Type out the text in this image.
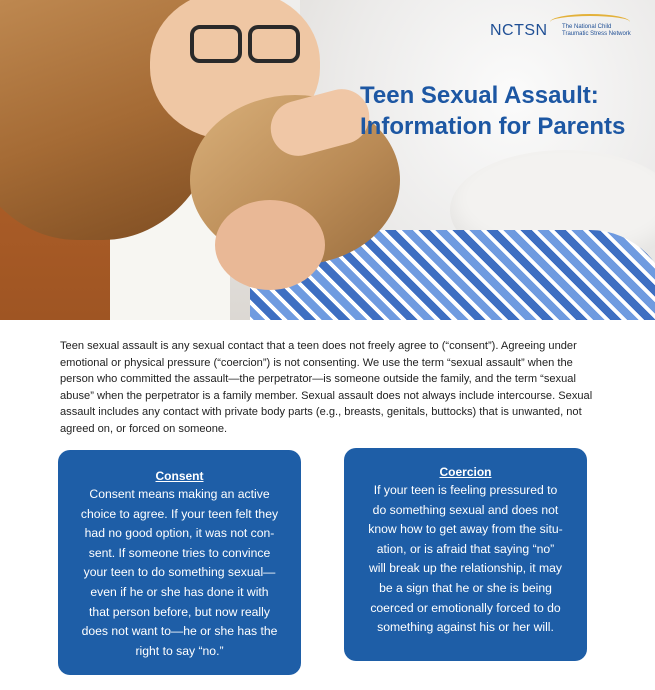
NCTSN The National Child
Traumatic Stress Network
Teen Sexual Assault:
Information for Parents

Teen sexual assault is any sexual contact that a teen does not freely agree to (“consent”). Agreeing under emotional or physical pressure (“coercion”) is not consenting. We use the term “sexual assault” when the person who committed the assault—the perpetrator—is someone outside the family, and the term “sexual abuse” when the perpetrator is a family member. Sexual assault does not always include intercourse. Sexual assault includes any contact with private body parts (e.g., breasts, genitals, buttocks) that is unwanted, not agreed on, or forced on someone.

Consent

Consent means making an active
choice to agree. If your teen felt they
had no good option, it was not con-
sent. If someone tries to convince
your teen to do something sexual—
even if he or she has done it with
that person before, but now really
does not want to—he or she has the
right to say “no.”

Coercion

If your teen is feeling pressured to
do something sexual and does not
know how to get away from the situ-
ation, or is afraid that saying “no”
will break up the relationship, it may
be a sign that he or she is being
coerced or emotionally forced to do
something against his or her will.
